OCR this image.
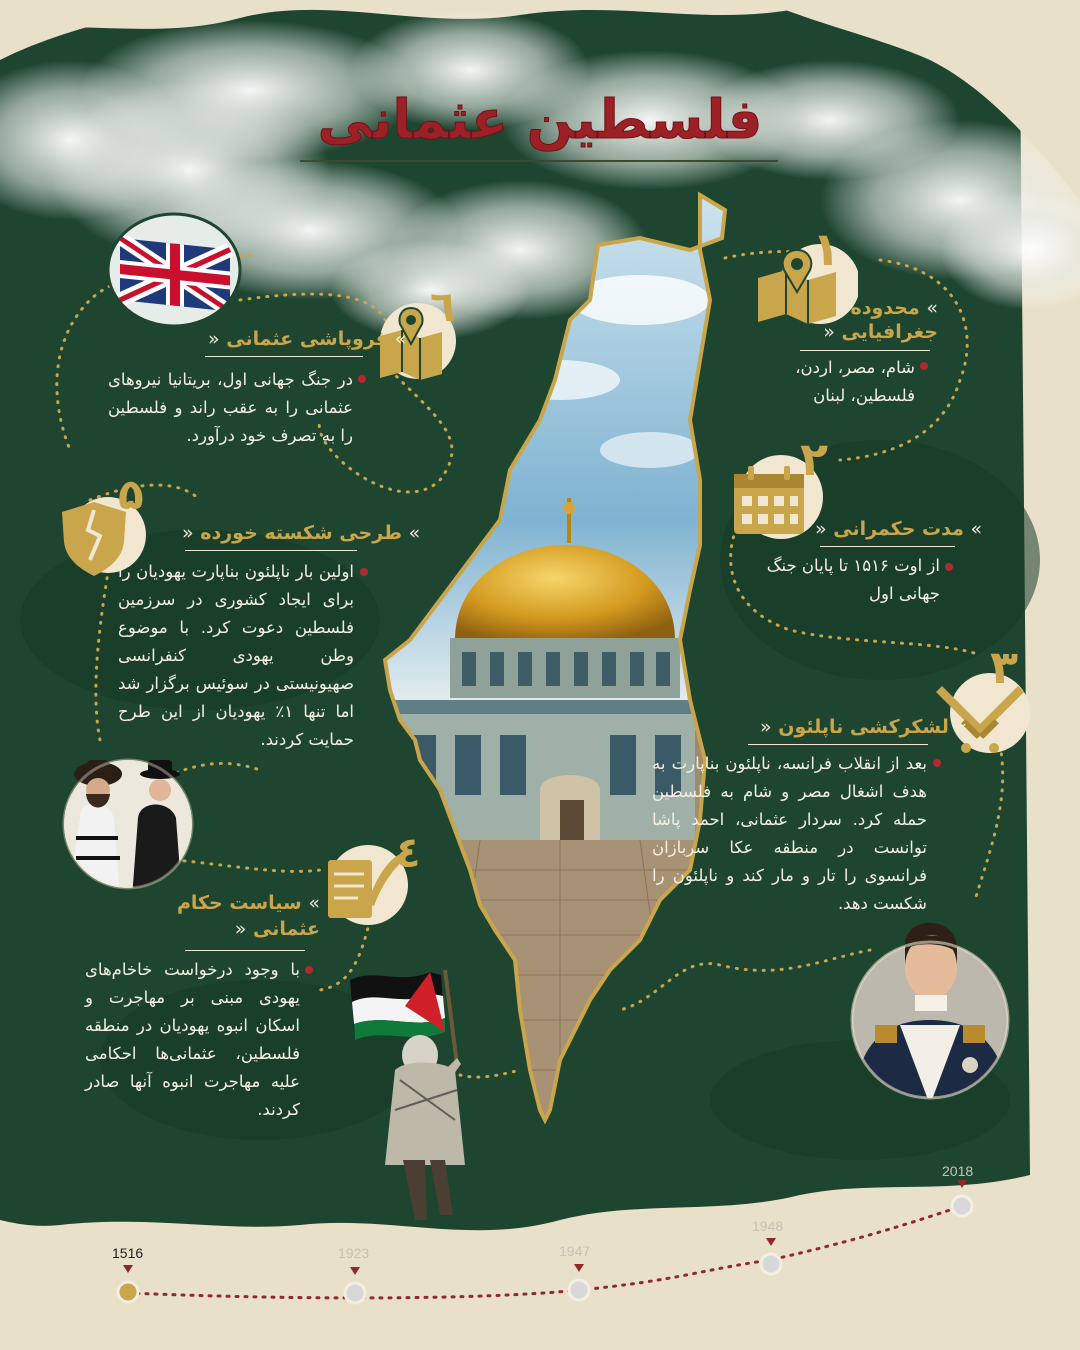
فلسطین عثمانی
۱
» محدوده
جغرافیایی «
شام، مصر، اردن، فلسطین، لبنان
۲
» مدت حکمرانی «
از اوت ۱۵۱۶ تا پایان جنگ جهانی اول
۳
» لشکرکشی ناپلئون «
بعد از انقلاب فرانسه، ناپلئون بناپارت به هدف اشغال مصر و شام به فلسطین حمله کرد. سردار عثمانی، احمد پاشا توانست در منطقه عکا سربازان فرانسوی را تار و مار کند و ناپلئون را شکست دهد.
٤
» سیاست حکام
عثمانی «
با وجود درخواست خاخام‌های یهودی مبنی بر مهاجرت و اسکان انبوه یهودیان در منطقه فلسطین، عثمانی‌ها احکامی علیه مهاجرت انبوه آنها صادر کردند.
۵
» طرحی شکسته خورده «
اولین بار ناپلئون بناپارت یهودیان را برای ایجاد کشوری در سرزمین فلسطین دعوت کرد. با موضوع وطن یهودی کنفرانسی صهیونیستی در سوئیس برگزار شد اما تنها ۱٪ یهودیان از این طرح حمایت کردند.
٦
» فروپاشی عثمانی «
در جنگ جهانی اول، بریتانیا نیروهای عثمانی را به عقب راند و فلسطین را به تصرف خود درآورد.
1516	1923	1947
1948
2018
